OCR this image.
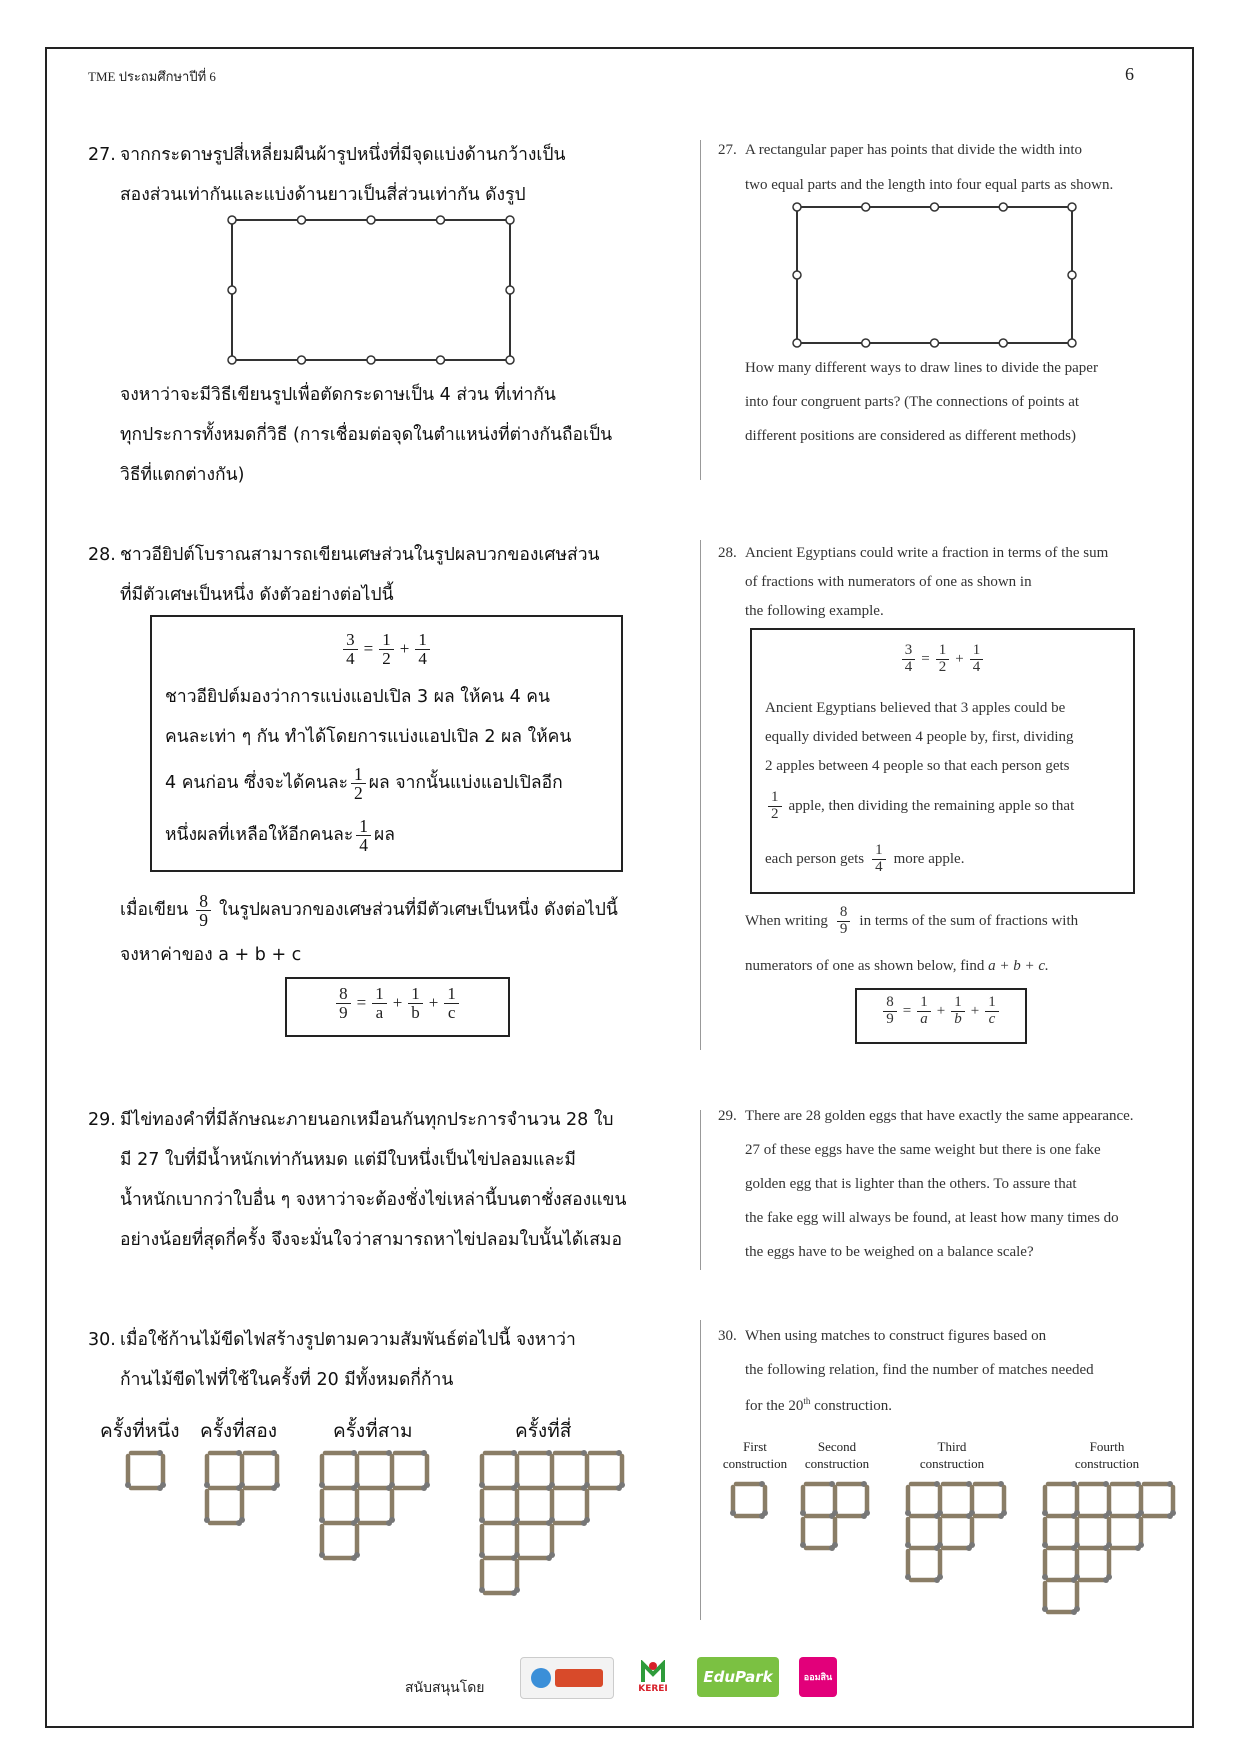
TME ประถมศึกษาปีที่ 6	6
27. จากกระดาษรูปสี่เหลี่ยมผืนผ้ารูปหนึ่งที่มีจุดแบ่งด้านกว้างเป็น
สองส่วนเท่ากันและแบ่งด้านยาวเป็นสี่ส่วนเท่ากัน ดังรูป
จงหาว่าจะมีวิธีเขียนรูปเพื่อตัดกระดาษเป็น 4 ส่วน ที่เท่ากัน
ทุกประการทั้งหมดกี่วิธี (การเชื่อมต่อจุดในตำแหน่งที่ต่างกันถือเป็น
วิธีที่แตกต่างกัน)
27. A rectangular paper has points that divide the width into
two equal parts and the length into four equal parts as shown.
How many different ways to draw lines to divide the paper
into four congruent parts? (The connections of points at
different positions are considered as different methods)
28. ชาวอียิปต์โบราณสามารถเขียนเศษส่วนในรูปผลบวกของเศษส่วน
ที่มีตัวเศษเป็นหนึ่ง ดังตัวอย่างต่อไปนี้
$\frac{3}{4} = \frac{1}{2} + \frac{1}{4}$
ชาวอียิปต์มองว่าการแบ่งแอปเปิล 3 ผล ให้คน 4 คน
คนละเท่า ๆ กัน ทำได้โดยการแบ่งแอปเปิล 2 ผล ให้คน
4 คนก่อน ซึ่งจะได้คนละ $\frac{1}{2}$ ผล จากนั้นแบ่งแอปเปิลอีก
หนึ่งผลที่เหลือให้อีกคนละ $\frac{1}{4}$ ผล
เมื่อเขียน $\frac{8}{9}$ ในรูปผลบวกของเศษส่วนที่มีตัวเศษเป็นหนึ่ง ดังต่อไปนี้
จงหาค่าของ a + b + c
$\frac{8}{9} = \frac{1}{a} + \frac{1}{b} + \frac{1}{c}$
28. Ancient Egyptians could write a fraction in terms of the sum
of fractions with numerators of one as shown in
the following example.
$\frac{3}{4} = \frac{1}{2} + \frac{1}{4}$
Ancient Egyptians believed that 3 apples could be
equally divided between 4 people by, first, dividing
2 apples between 4 people so that each person gets
$\frac{1}{2}$ apple, then dividing the remaining apple so that
each person gets $\frac{1}{4}$ more apple.
When writing $\frac{8}{9}$ in terms of the sum of fractions with
numerators of one as shown below, find a + b + c.
$\frac{8}{9} = \frac{1}{a} + \frac{1}{b} + \frac{1}{c}$
29. มีไข่ทองคำที่มีลักษณะภายนอกเหมือนกันทุกประการจำนวน 28 ใบ
มี 27 ใบที่มีน้ำหนักเท่ากันหมด แต่มีใบหนึ่งเป็นไข่ปลอมและมี
น้ำหนักเบากว่าใบอื่น ๆ จงหาว่าจะต้องชั่งไข่เหล่านี้บนตาชั่งสองแขน
อย่างน้อยที่สุดกี่ครั้ง จึงจะมั่นใจว่าสามารถหาไข่ปลอมใบนั้นได้เสมอ
29. There are 28 golden eggs that have exactly the same appearance.
27 of these eggs have the same weight but there is one fake
golden egg that is lighter than the others. To assure that
the fake egg will always be found, at least how many times do
the eggs have to be weighed on a balance scale?
30. เมื่อใช้ก้านไม้ขีดไฟสร้างรูปตามความสัมพันธ์ต่อไปนี้ จงหาว่า
ก้านไม้ขีดไฟที่ใช้ในครั้งที่ 20 มีทั้งหมดกี่ก้าน
ครั้งที่หนึ่ง ครั้งที่สอง	ครั้งที่สาม	ครั้งที่สี่
30. When using matches to construct figures based on
the following relation, find the number of matches needed
for the 20th construction.
First
construction
Second
construction
Third
construction
Fourth
construction
สนับสนุนโดย	KEREI
EduPark	ออมสิน
